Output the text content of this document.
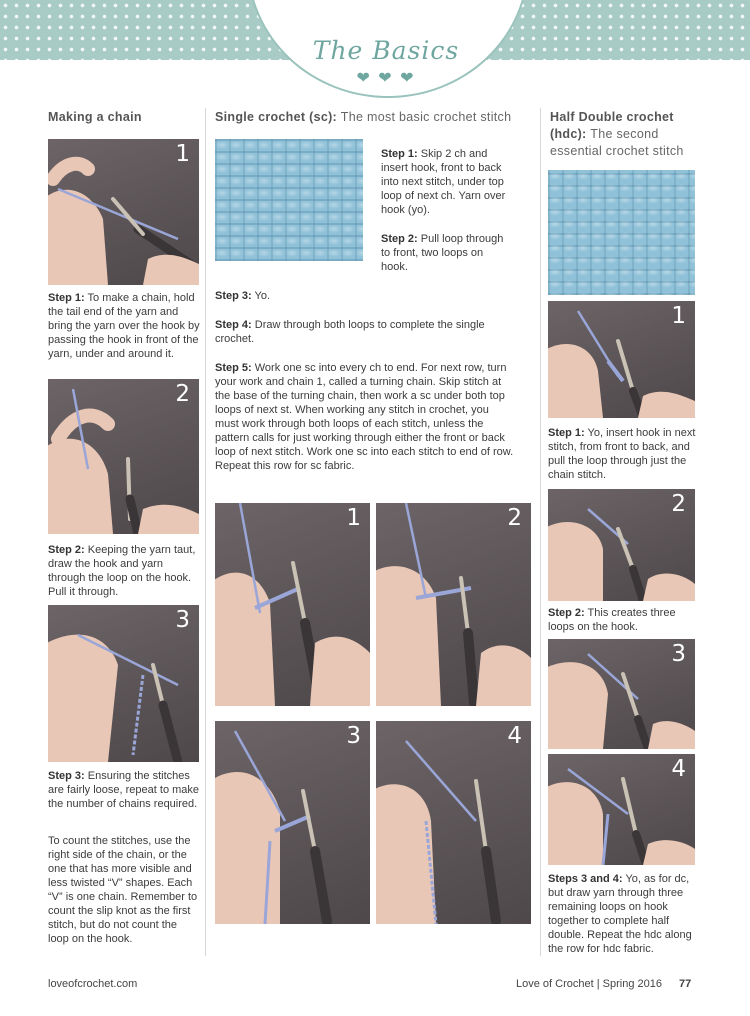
The Basics
❤ ❤ ❤

Making a chain

1

Step 1: To make a chain, hold the tail end of the yarn and bring the yarn over the hook by passing the hook in front of the yarn, under and around it.

2

Step 2: Keeping the yarn taut, draw the hook and yarn through the loop on the hook. Pull it through.

3

Step 3: Ensuring the stitches are fairly loose, repeat to make the number of chains required.

To count the stitches, use the right side of the chain, or the one that has more visible and less twisted “V” shapes. Each “V” is one chain. Remember to count the slip knot as the first stitch, but do not count the loop on the hook.

Single crochet (sc): The most basic crochet stitch

Step 1: Skip 2 ch and insert hook, front to back into next stitch, under top loop of next ch. Yarn over hook (yo).

Step 2: Pull loop through to front, two loops on hook.

Step 3: Yo.

Step 4: Draw through both loops to complete the single crochet.

Step 5: Work one sc into every ch to end. For next row, turn your work and chain 1, called a turning chain. Skip stitch at the base of the turning chain, then work a sc under both top loops of next st. When working any stitch in crochet, you must work through both loops of each stitch, unless the pattern calls for just working through either the front or back loop of next stitch. Work one sc into each stitch to end of row. Repeat this row for sc fabric.

1	2
3	4

Half Double crochet (hdc): The second essential crochet stitch

1

Step 1: Yo, insert hook in next stitch, from front to back, and pull the loop through just the chain stitch.

2

Step 2: This creates three loops on the hook.

3
4

Steps 3 and 4: Yo, as for dc, but draw yarn through three remaining loops on hook together to complete half double. Repeat the hdc along the row for hdc fabric.

loveofcrochet.com	Love of Crochet | Spring 2016 77
